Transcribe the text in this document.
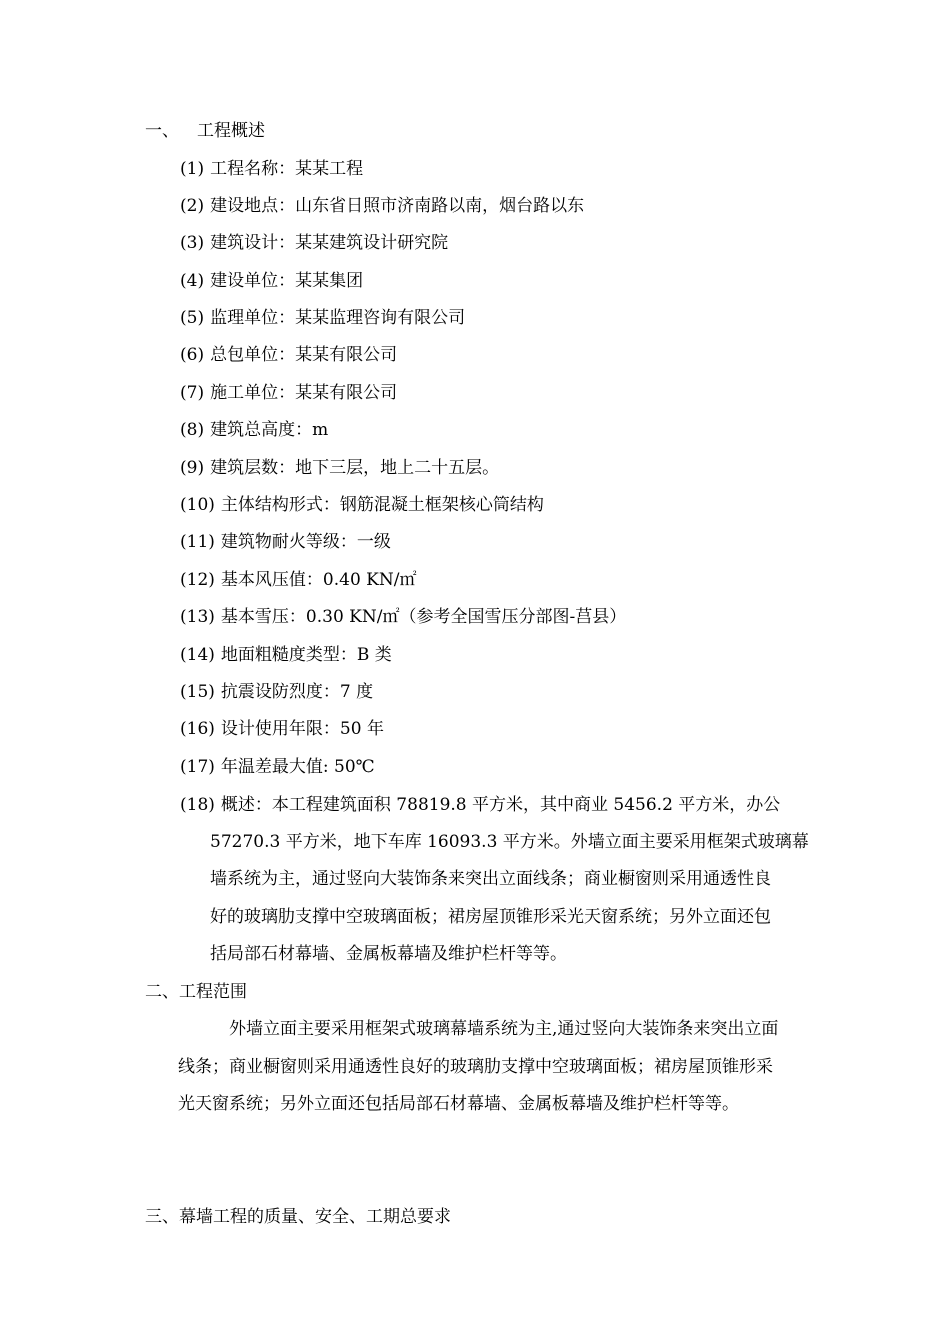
一、 工程概述
(1) 工程名称：某某工程
(2) 建设地点：山东省日照市济南路以南，烟台路以东
(3) 建筑设计：某某建筑设计研究院
(4) 建设单位：某某集团
(5) 监理单位：某某监理咨询有限公司
(6) 总包单位：某某有限公司
(7) 施工单位：某某有限公司
(8) 建筑总高度：m
(9) 建筑层数：地下三层，地上二十五层。
(10) 主体结构形式：钢筋混凝土框架核心筒结构
(11) 建筑物耐火等级：一级
(12) 基本风压值：0.40 KN/㎡
(13) 基本雪压：0.30 KN/㎡（参考全国雪压分部图-莒县）
(14) 地面粗糙度类型：B 类
(15) 抗震设防烈度：7 度
(16) 设计使用年限：50 年
(17) 年温差最大值: 50℃
(18) 概述：本工程建筑面积 78819.8 平方米，其中商业 5456.2 平方米，办公
57270.3 平方米，地下车库 16093.3 平方米。外墙立面主要采用框架式玻璃幕
墙系统为主，通过竖向大装饰条来突出立面线条；商业橱窗则采用通透性良
好的玻璃肋支撑中空玻璃面板；裙房屋顶锥形采光天窗系统；另外立面还包
括局部石材幕墙、金属板幕墙及维护栏杆等等。
二、工程范围
外墙立面主要采用框架式玻璃幕墙系统为主,通过竖向大装饰条来突出立面
线条；商业橱窗则采用通透性良好的玻璃肋支撑中空玻璃面板；裙房屋顶锥形采
光天窗系统；另外立面还包括局部石材幕墙、金属板幕墙及维护栏杆等等。
三、幕墙工程的质量、安全、工期总要求
